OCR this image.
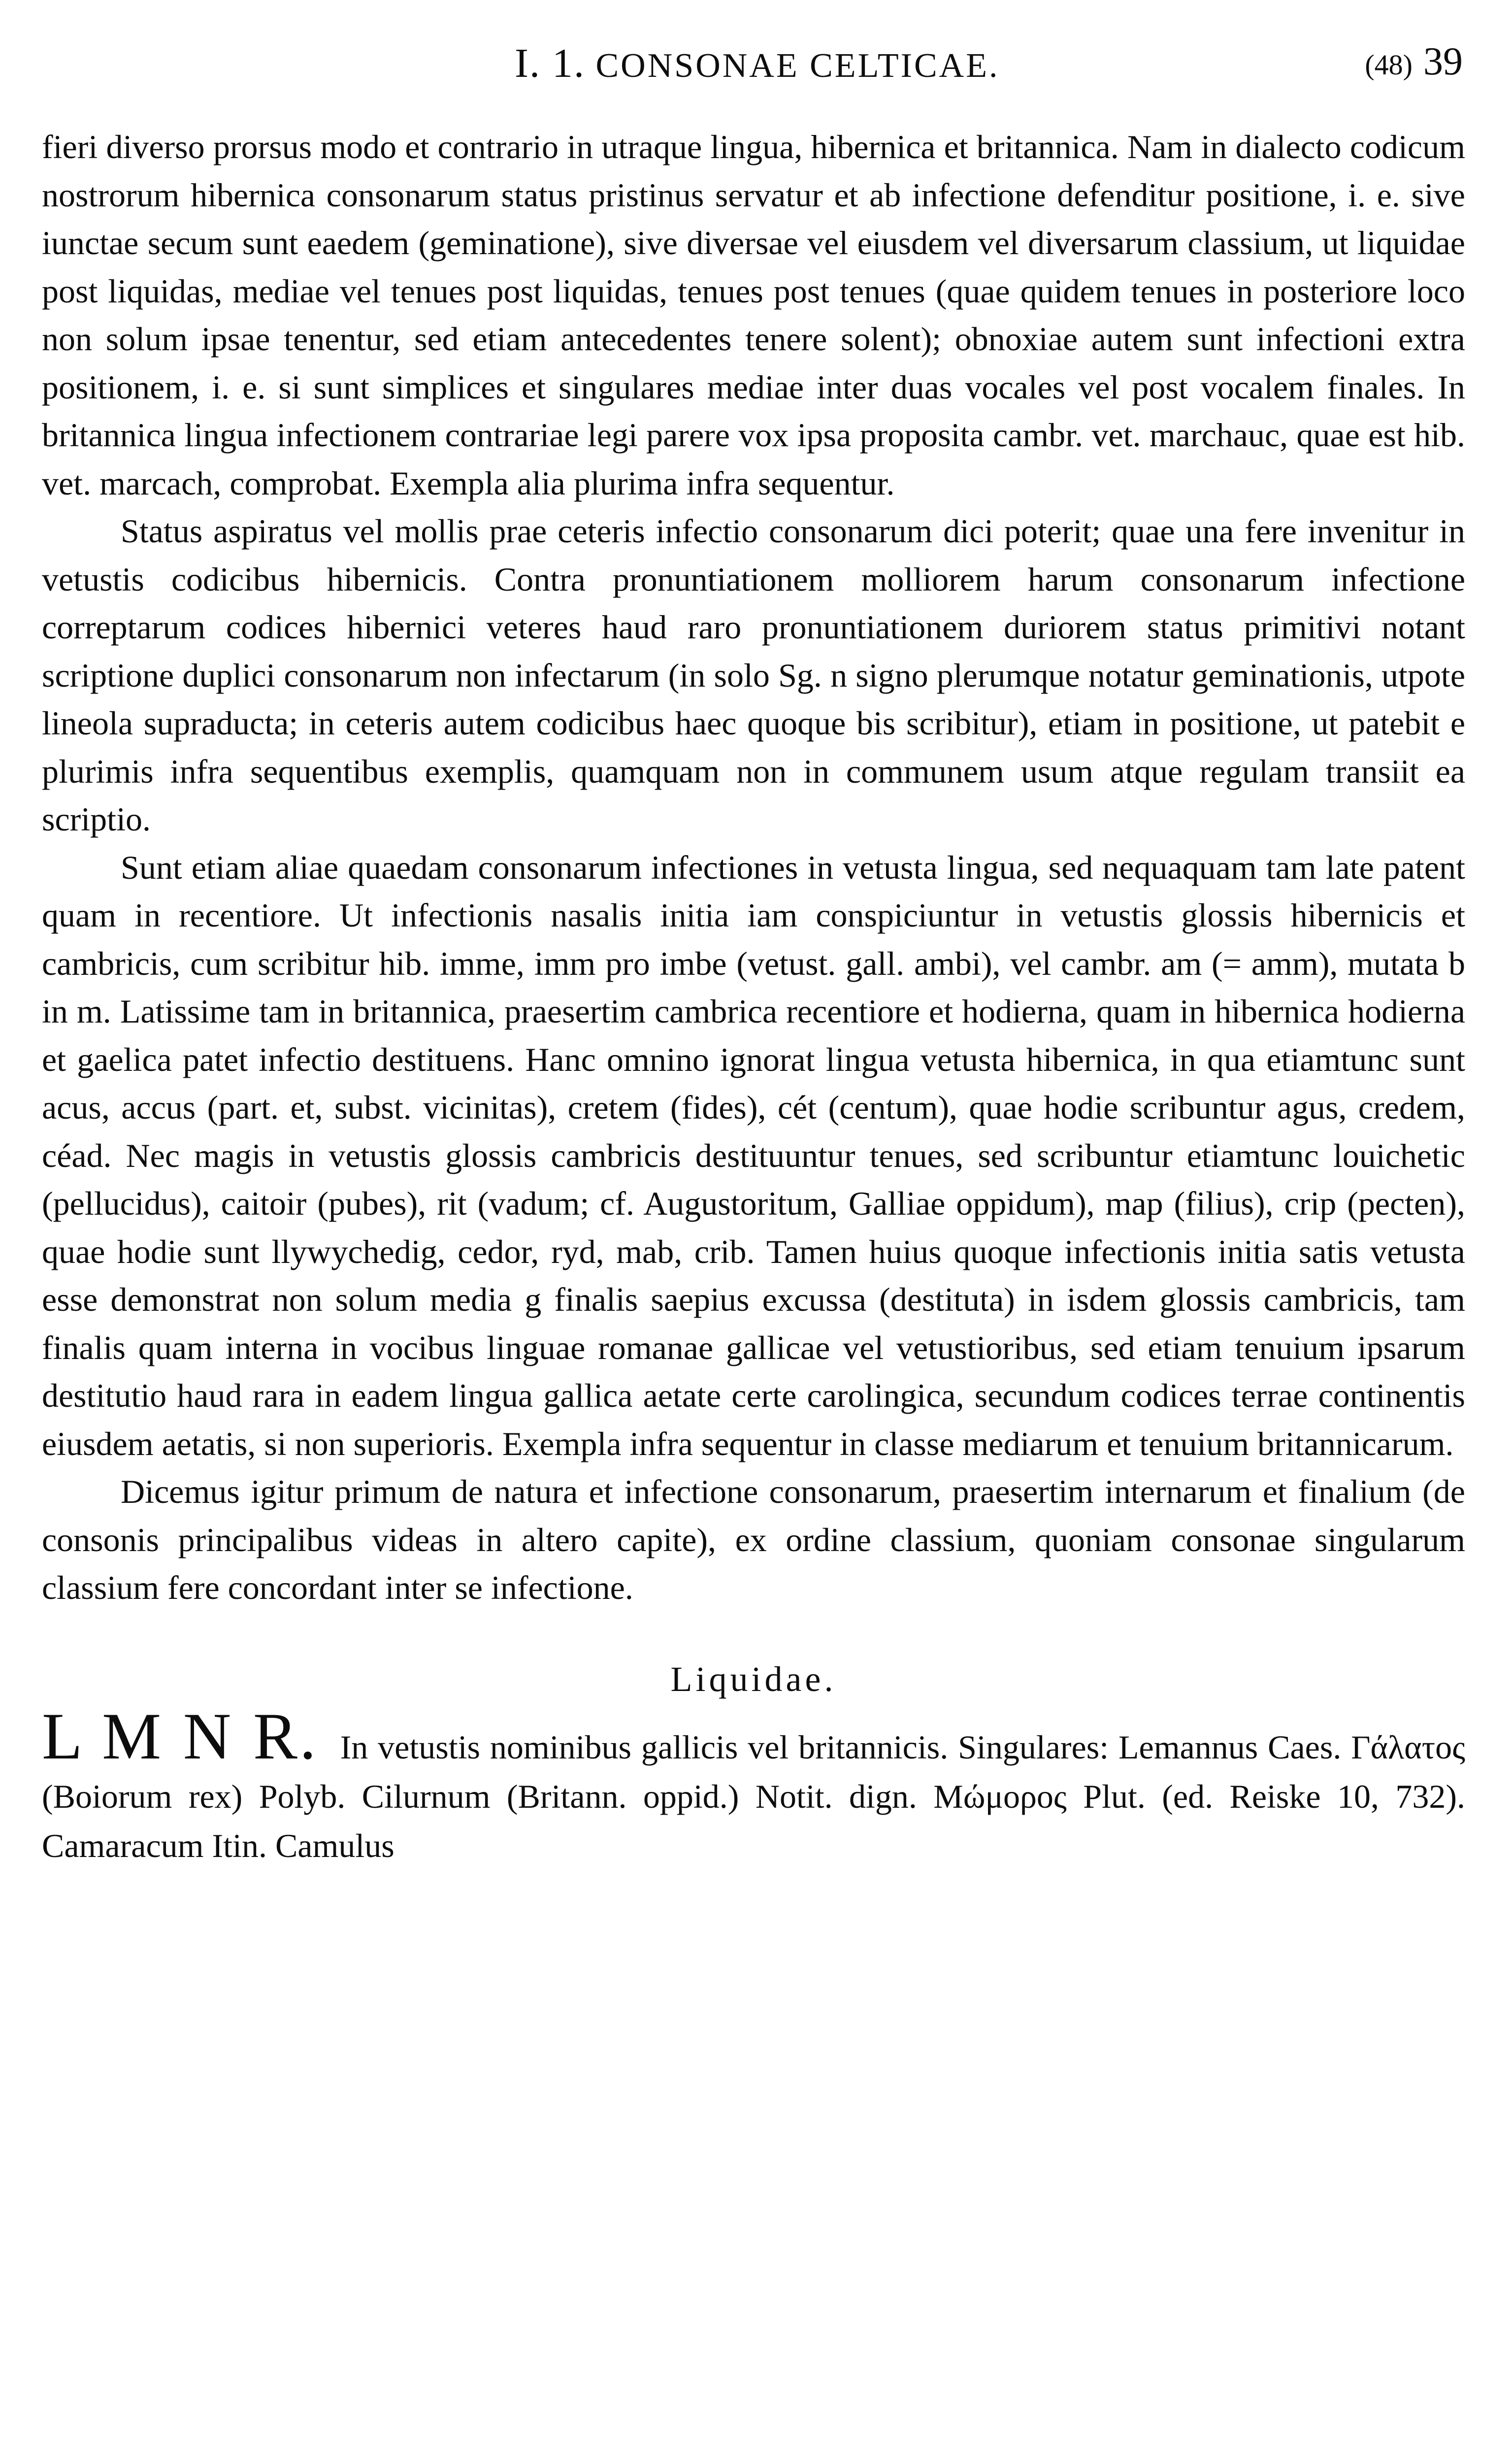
I. 1. CONSONAE CELTICAE.	(48) 39

fieri diverso prorsus modo et contrario in utraque lingua, hibernica et britannica. Nam in dialecto codicum nostrorum hibernica consonarum status pristinus servatur et ab infectione defenditur positione, i. e. sive iunctae secum sunt eaedem (geminatione), sive diversae vel eiusdem vel diversarum classium, ut liquidae post liquidas, mediae vel tenues post liquidas, tenues post tenues (quae quidem tenues in posteriore loco non solum ipsae tenentur, sed etiam antecedentes tenere solent); obnoxiae autem sunt infectioni extra positionem, i. e. si sunt simplices et singulares mediae inter duas vocales vel post vocalem finales. In britannica lingua infectionem contrariae legi parere vox ipsa proposita cambr. vet. marchauc, quae est hib. vet. marcach, comprobat. Exempla alia plurima infra sequentur.

Status aspiratus vel mollis prae ceteris infectio consonarum dici poterit; quae una fere invenitur in vetustis codicibus hibernicis. Contra pronuntiationem molliorem harum consonarum infectione correptarum codices hibernici veteres haud raro pronuntiationem duriorem status primitivi notant scriptione duplici consonarum non infectarum (in solo Sg. n signo plerumque notatur geminationis, utpote lineola supraducta; in ceteris autem codicibus haec quoque bis scribitur), etiam in positione, ut patebit e plurimis infra sequentibus exemplis, quamquam non in communem usum atque regulam transiit ea scriptio.

Sunt etiam aliae quaedam consonarum infectiones in vetusta lingua, sed nequaquam tam late patent quam in recentiore. Ut infectionis nasalis initia iam conspiciuntur in vetustis glossis hibernicis et cambricis, cum scribitur hib. imme, imm pro imbe (vetust. gall. ambi), vel cambr. am (= amm), mutata b in m. Latissime tam in britannica, praesertim cambrica recentiore et hodierna, quam in hibernica hodierna et gaelica patet infectio destituens. Hanc omnino ignorat lingua vetusta hibernica, in qua etiamtunc sunt acus, accus (part. et, subst. vicinitas), cretem (fides), cét (centum), quae hodie scribuntur agus, credem, céad. Nec magis in vetustis glossis cambricis destituuntur tenues, sed scribuntur etiamtunc louichetic (pellucidus), caitoir (pubes), rit (vadum; cf. Augustoritum, Galliae oppidum), map (filius), crip (pecten), quae hodie sunt llywychedig, cedor, ryd, mab, crib. Tamen huius quoque infectionis initia satis vetusta esse demonstrat non solum media g finalis saepius excussa (destituta) in isdem glossis cambricis, tam finalis quam interna in vocibus linguae romanae gallicae vel vetustioribus, sed etiam tenuium ipsarum destitutio haud rara in eadem lingua gallica aetate certe carolingica, secundum codices terrae continentis eiusdem aetatis, si non superioris. Exempla infra sequentur in classe mediarum et tenuium britannicarum.

Dicemus igitur primum de natura et infectione consonarum, praesertim internarum et finalium (de consonis principalibus videas in altero capite), ex ordine classium, quoniam consonae singularum classium fere concordant inter se infectione.

Liquidae.
L M N R. In vetustis nominibus gallicis vel britannicis. Singulares: Lemannus Caes. Γάλατος (Boiorum rex) Polyb. Cilurnum (Britann. oppid.) Notit. dign. Μώμορος Plut. (ed. Reiske 10, 732). Camaracum Itin. Camulus
